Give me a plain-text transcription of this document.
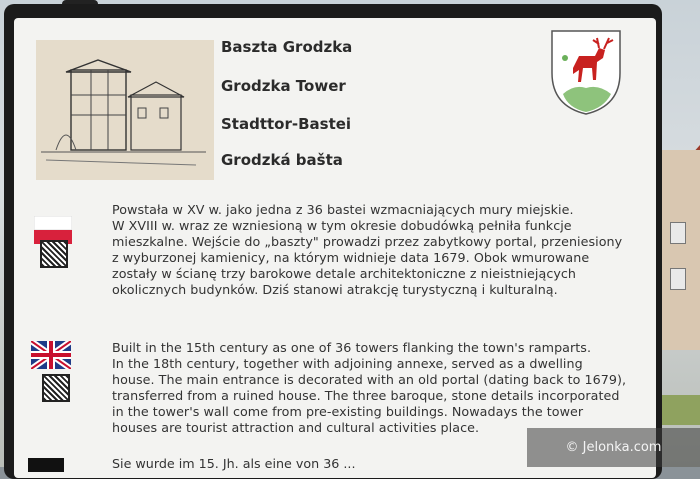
Baszta Grodzka
Grodzka Tower
Stadttor-Bastei
Grodzká bašta
Powstała w XV w. jako jedna z 36 bastei wzmacniających mury miejskie.
W XVIII w. wraz ze wzniesioną w tym okresie dobudówką pełniła funkcje
mieszkalne. Wejście do „baszty" prowadzi przez zabytkowy portal, przeniesiony
z wyburzonej kamienicy, na którym widnieje data 1679. Obok wmurowane
zostały w ścianę trzy barokowe detale architektoniczne z nieistniejących
okolicznych budynków. Dziś stanowi atrakcję turystyczną i kulturalną.
Built in the 15th century as one of 36 towers flanking the town's ramparts.
In the 18th century, together with adjoining annexe, served as a dwelling
house. The main entrance is decorated with an old portal (dating back to 1679),
transferred from a ruined house. The three baroque, stone details incorporated
in the tower's wall come from pre-existing buildings. Nowadays the tower
houses are tourist attraction and cultural activities place.
Sie wurde im 15. Jh. als eine von 36 ...
© Jelonka.com
